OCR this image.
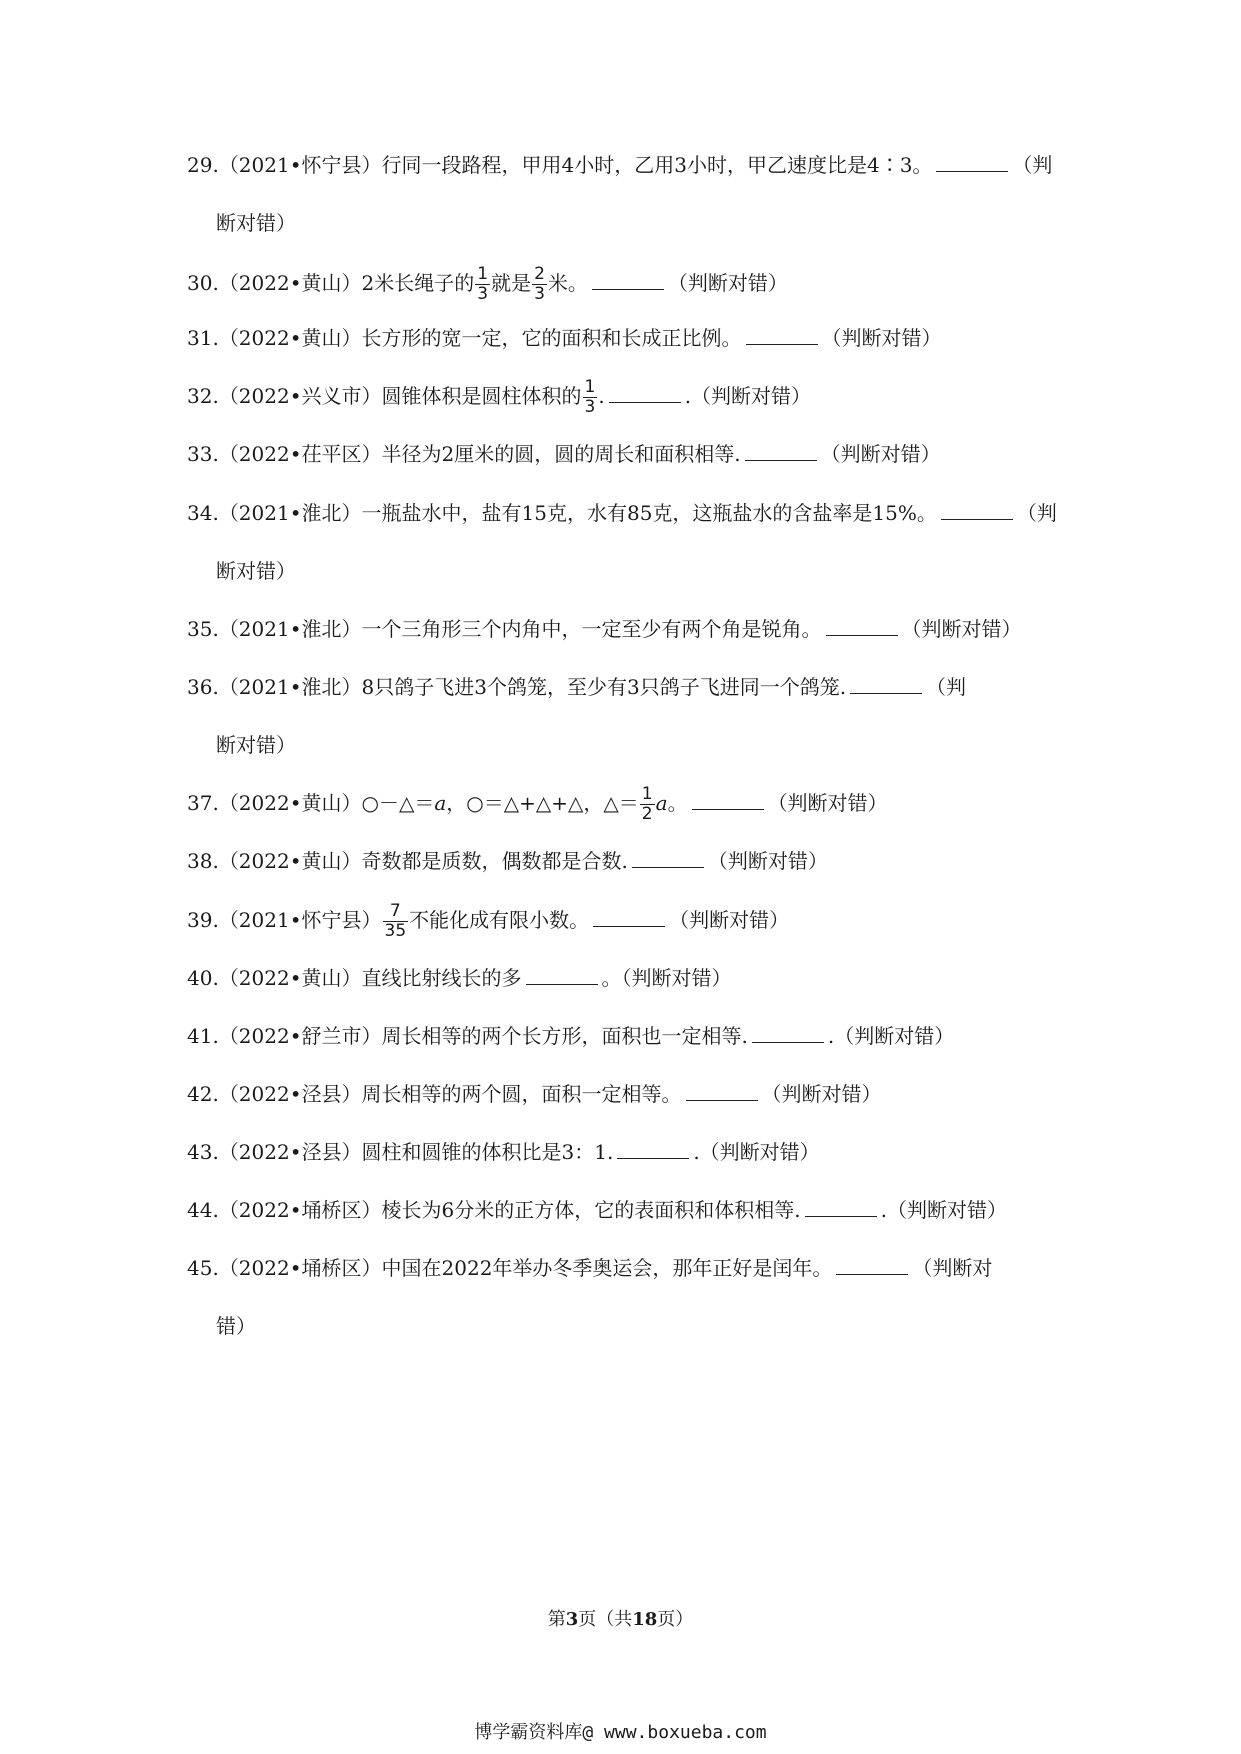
29.（2021•怀宁县）行同一段路程，甲用4小时，乙用3小时，甲乙速度比是4∶3。	（判
断对错）
30.（2022•黄山）2米长绳子的 $\frac{1}{3}$ 就是 $\frac{2}{3}$ 米。	（判断对错）
31.（2022•黄山）长方形的宽一定，它的面积和长成正比例。	（判断对错）
32.（2022•兴义市）圆锥体积是圆柱体积的 $\frac{1}{3}$ .	.（判断对错）
33.（2022•茌平区）半径为2厘米的圆，圆的周长和面积相等.	（判断对错）
34.（2021•淮北）一瓶盐水中，盐有15克，水有85克，这瓶盐水的含盐率是15%。	（判
断对错）
35.（2021•淮北）一个三角形三个内角中，一定至少有两个角是锐角。	（判断对错）
36.（2021•淮北）8只鸽子飞进3个鸽笼，至少有3只鸽子飞进同一个鸽笼.	（判
断对错）
37.（2022•黄山）○－△＝a，○＝△+△+△，△＝ $\frac{1}{2}$ a。	（判断对错）
38.（2022•黄山）奇数都是质数，偶数都是合数.	（判断对错）
39.（2021•怀宁县） $\frac{7}{35}$ 不能化成有限小数。	（判断对错）
40.（2022•黄山）直线比射线长的多	。（判断对错）
41.（2022•舒兰市）周长相等的两个长方形，面积也一定相等.	.（判断对错）
42.（2022•泾县）周长相等的两个圆，面积一定相等。	（判断对错）
43.（2022•泾县）圆柱和圆锥的体积比是3：1.	.（判断对错）
44.（2022•埇桥区）棱长为6分米的正方体，它的表面积和体积相等.	.（判断对错）
45.（2022•埇桥区）中国在2022年举办冬季奥运会，那年正好是闰年。	（判断对
错）
第3页（共18页）
博学霸资料库@ www.boxueba.com
